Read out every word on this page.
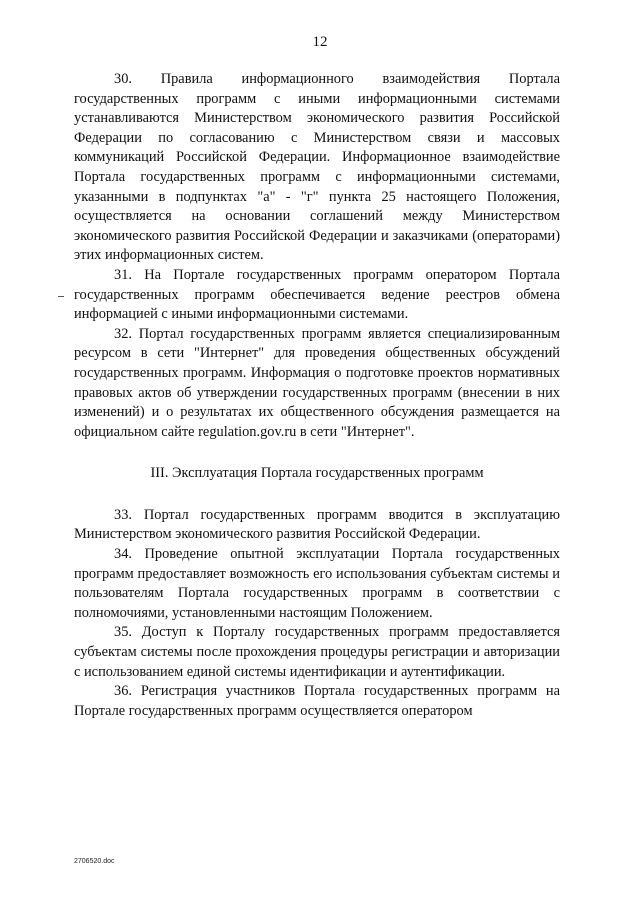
12

30. Правила информационного взаимодействия Портала государственных программ с иными информационными системами устанавливаются Министерством экономического развития Российской Федерации по согласованию с Министерством связи и массовых коммуникаций Российской Федерации. Информационное взаимодействие Портала государственных программ с информационными системами, указанными в подпунктах "а" - "г" пункта 25 настоящего Положения, осуществляется на основании соглашений между Министерством экономического развития Российской Федерации и заказчиками (операторами) этих информационных систем.

31. На Портале государственных программ оператором Портала государственных программ обеспечивается ведение реестров обмена информацией с иными информационными системами.

32. Портал государственных программ является специализированным ресурсом в сети "Интернет" для проведения общественных обсуждений государственных программ. Информация о подготовке проектов нормативных правовых актов об утверждении государственных программ (внесении в них изменений) и о результатах их общественного обсуждения размещается на официальном сайте regulation.gov.ru в сети "Интернет".

III. Эксплуатация Портала государственных программ

33. Портал государственных программ вводится в эксплуатацию Министерством экономического развития Российской Федерации.

34. Проведение опытной эксплуатации Портала государственных программ предоставляет возможность его использования субъектам системы и пользователям Портала государственных программ в соответствии с полномочиями, установленными настоящим Положением.

35. Доступ к Порталу государственных программ предоставляется субъектам системы после прохождения процедуры регистрации и авторизации с использованием единой системы идентификации и аутентификации.

36. Регистрация участников Портала государственных программ на Портале государственных программ осуществляется оператором

2706520.doc
